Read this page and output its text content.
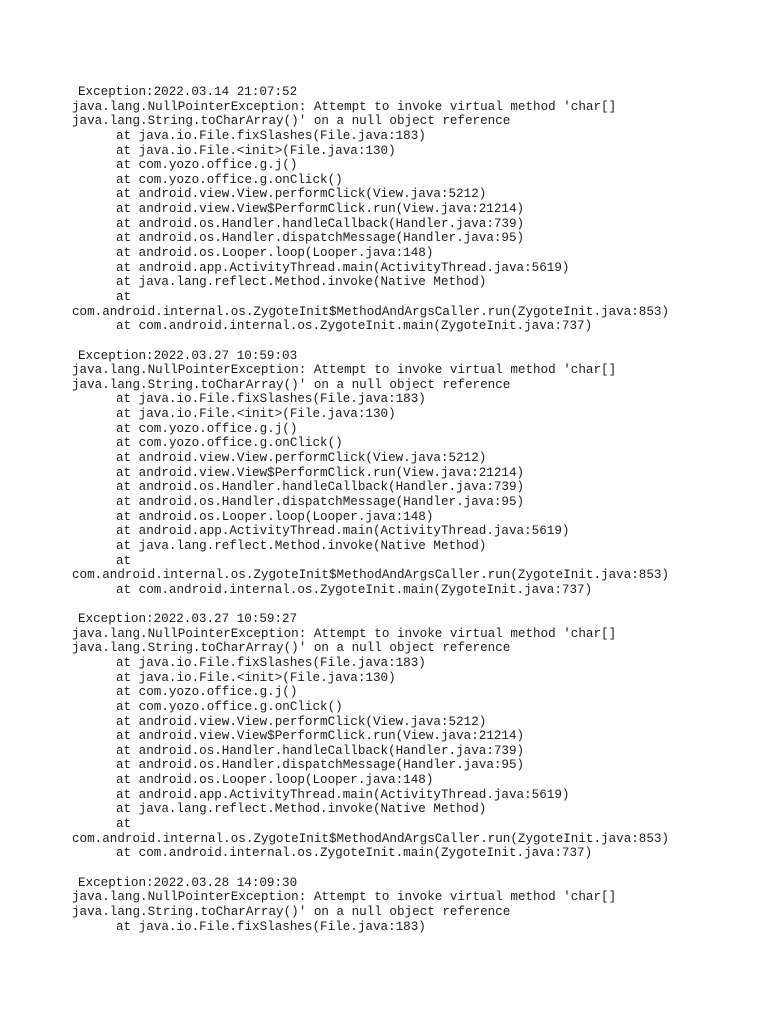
Exception:2022.03.14 21:07:52
java.lang.NullPointerException: Attempt to invoke virtual method 'char[]
java.lang.String.toCharArray()' on a null object reference
at java.io.File.fixSlashes(File.java:183)
at java.io.File.<init>(File.java:130)
at com.yozo.office.g.j()
at com.yozo.office.g.onClick()
at android.view.View.performClick(View.java:5212)
at android.view.View$PerformClick.run(View.java:21214)
at android.os.Handler.handleCallback(Handler.java:739)
at android.os.Handler.dispatchMessage(Handler.java:95)
at android.os.Looper.loop(Looper.java:148)
at android.app.ActivityThread.main(ActivityThread.java:5619)
at java.lang.reflect.Method.invoke(Native Method)
at
com.android.internal.os.ZygoteInit$MethodAndArgsCaller.run(ZygoteInit.java:853)
at com.android.internal.os.ZygoteInit.main(ZygoteInit.java:737)
Exception:2022.03.27 10:59:03
java.lang.NullPointerException: Attempt to invoke virtual method 'char[]
java.lang.String.toCharArray()' on a null object reference
at java.io.File.fixSlashes(File.java:183)
at java.io.File.<init>(File.java:130)
at com.yozo.office.g.j()
at com.yozo.office.g.onClick()
at android.view.View.performClick(View.java:5212)
at android.view.View$PerformClick.run(View.java:21214)
at android.os.Handler.handleCallback(Handler.java:739)
at android.os.Handler.dispatchMessage(Handler.java:95)
at android.os.Looper.loop(Looper.java:148)
at android.app.ActivityThread.main(ActivityThread.java:5619)
at java.lang.reflect.Method.invoke(Native Method)
at
com.android.internal.os.ZygoteInit$MethodAndArgsCaller.run(ZygoteInit.java:853)
at com.android.internal.os.ZygoteInit.main(ZygoteInit.java:737)
Exception:2022.03.27 10:59:27
java.lang.NullPointerException: Attempt to invoke virtual method 'char[]
java.lang.String.toCharArray()' on a null object reference
at java.io.File.fixSlashes(File.java:183)
at java.io.File.<init>(File.java:130)
at com.yozo.office.g.j()
at com.yozo.office.g.onClick()
at android.view.View.performClick(View.java:5212)
at android.view.View$PerformClick.run(View.java:21214)
at android.os.Handler.handleCallback(Handler.java:739)
at android.os.Handler.dispatchMessage(Handler.java:95)
at android.os.Looper.loop(Looper.java:148)
at android.app.ActivityThread.main(ActivityThread.java:5619)
at java.lang.reflect.Method.invoke(Native Method)
at
com.android.internal.os.ZygoteInit$MethodAndArgsCaller.run(ZygoteInit.java:853)
at com.android.internal.os.ZygoteInit.main(ZygoteInit.java:737)
Exception:2022.03.28 14:09:30
java.lang.NullPointerException: Attempt to invoke virtual method 'char[]
java.lang.String.toCharArray()' on a null object reference
at java.io.File.fixSlashes(File.java:183)
